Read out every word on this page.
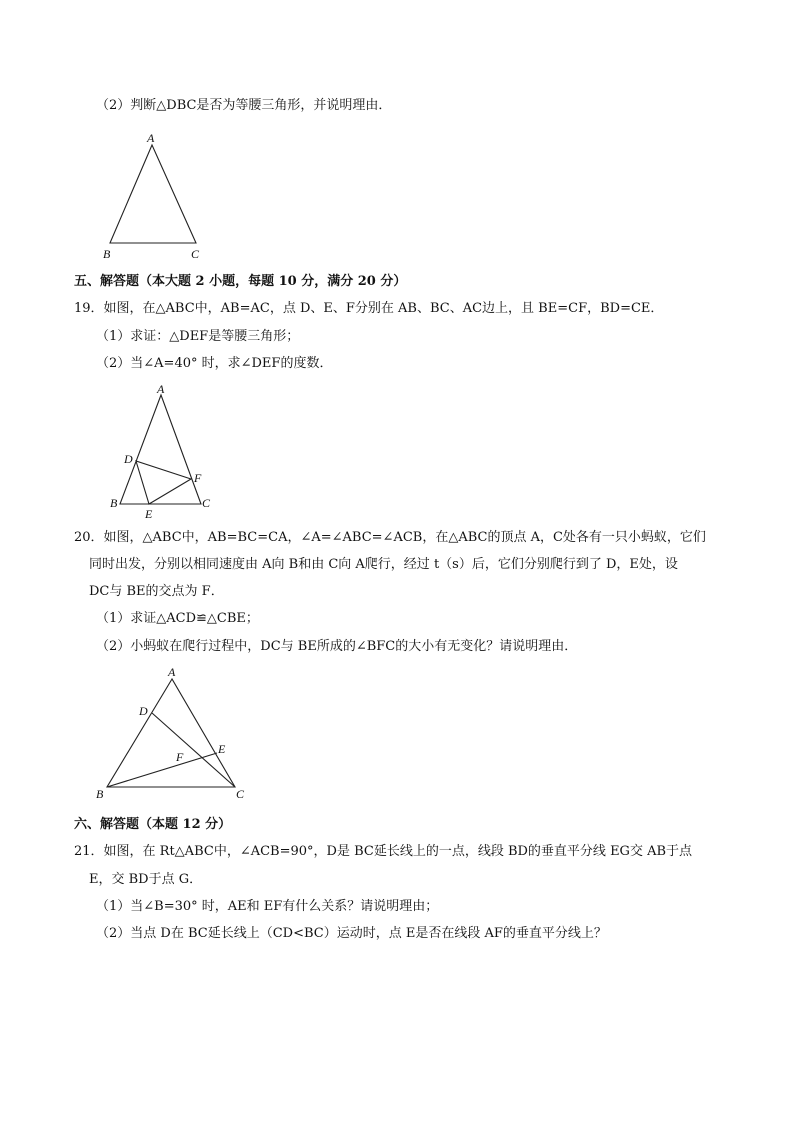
（2）判断△DBC是否为等腰三角形，并说明理由．
A
B	C
五、解答题（本大题 2 小题，每题 10 分，满分 20 分）
19．如图，在△ABC中，AB=AC，点 D、E、F分别在 AB、BC、AC边上，且 BE=CF，BD=CE．
（1）求证：△DEF是等腰三角形；
（2）当∠A=40° 时，求∠DEF的度数．
A
D
F
B	C
E
20．如图，△ABC中，AB=BC=CA，∠A=∠ABC=∠ACB，在△ABC的顶点 A，C处各有一只小蚂蚁，它们
同时出发，分别以相同速度由 A向 B和由 C向 A爬行，经过 t（s）后，它们分别爬行到了 D，E处，设
DC与 BE的交点为 F．
（1）求证△ACD≌△CBE；
（2）小蚂蚁在爬行过程中，DC与 BE所成的∠BFC的大小有无变化？请说明理由．
A
D
E
F
B	C
六、解答题（本题 12 分）
21．如图，在 Rt△ABC中，∠ACB=90°，D是 BC延长线上的一点，线段 BD的垂直平分线 EG交 AB于点
E，交 BD于点 G．
（1）当∠B=30° 时，AE和 EF有什么关系？请说明理由；
（2）当点 D在 BC延长线上（CD<BC）运动时，点 E是否在线段 AF的垂直平分线上？
